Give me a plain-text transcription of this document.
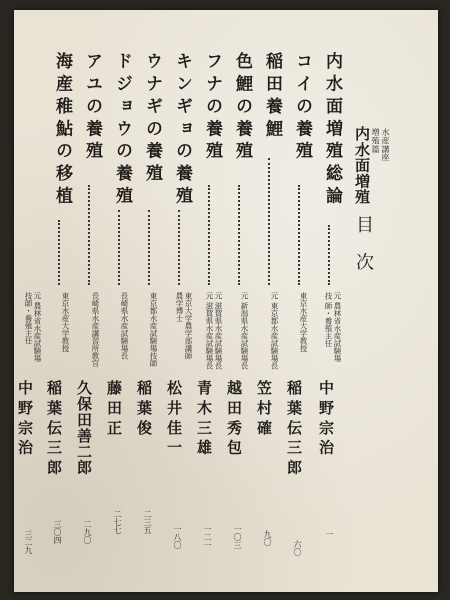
水産講座
増殖篇
内水面増殖
目次
内水面増殖総論
元 農林省水産試験場
技 師・養殖主任
中野宗治
一
コイの養殖
東京水産大学教授
稲葉伝三郎
六〇
稲田養鯉
元 東京都水産試験場長
笠村確
九〇
色鯉の養殖
元 新潟県水産試験場長
越田秀包
一〇三
フナの養殖
元 滋賀県水産試験場長
元 滋賀県水産試験場長
青木三雄
一二一
キンギョの養殖
東京大学農学部講師
農学博士
松井佳一
一八〇
ウナギの養殖
東京都水産試験場技師
稲葉俊
二三五
ドジョウの養殖
長崎県水産試験場長
藤田正
二七七
アユの養殖
長崎県水産講習所教官
久保田善二郎
二九〇
海産稚鮎の移植
東京水産大学教授
稲葉伝三郎
三〇四
元 農林省水産試験場
技師・養殖主任
中野宗治
三二九
